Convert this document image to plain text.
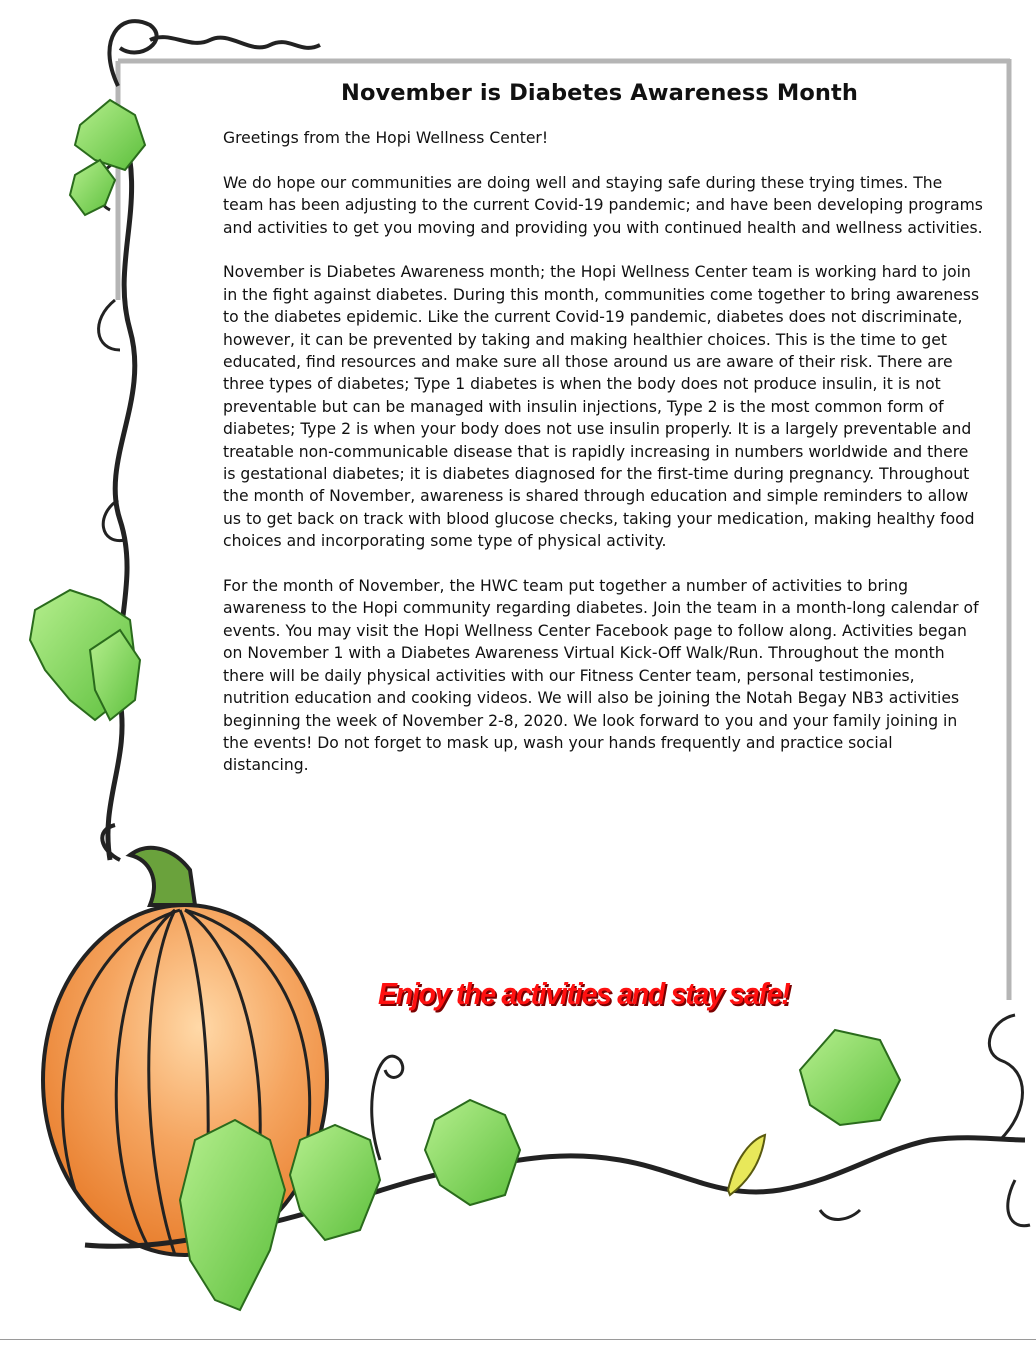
November is Diabetes Awareness Month

Greetings from the Hopi Wellness Center!

We do hope our communities are doing well and staying safe during these trying times. The team has been adjusting to the current Covid-19 pandemic; and have been developing programs and activities to get you moving and providing you with continued health and wellness activities.

November is Diabetes Awareness month; the Hopi Wellness Center team is working hard to join in the fight against diabetes. During this month, communities come together to bring awareness to the diabetes epidemic. Like the current Covid-19 pandemic, diabetes does not discriminate, however, it can be prevented by taking and making healthier choices. This is the time to get educated, find resources and make sure all those around us are aware of their risk. There are three types of diabetes; Type 1 diabetes is when the body does not produce insulin, it is not preventable but can be managed with insulin injections, Type 2 is the most common form of diabetes; Type 2 is when your body does not use insulin properly. It is a largely preventable and treatable non-communicable disease that is rapidly increasing in numbers worldwide and there is gestational diabetes; it is diabetes diagnosed for the first-time during pregnancy. Throughout the month of November, awareness is shared through education and simple reminders to allow us to get back on track with blood glucose checks, taking your medication, making healthy food choices and incorporating some type of physical activity.

For the month of November, the HWC team put together a number of activities to bring awareness to the Hopi community regarding diabetes. Join the team in a month-long calendar of events. You may visit the Hopi Wellness Center Facebook page to follow along. Activities began on November 1 with a Diabetes Awareness Virtual Kick-Off Walk/Run. Throughout the month there will be daily physical activities with our Fitness Center team, personal testimonies, nutrition education and cooking videos. We will also be joining the Notah Begay NB3 activities beginning the week of November 2-8, 2020. We look forward to you and your family joining in the events! Do not forget to mask up, wash your hands frequently and practice social distancing.

Enjoy the activities and stay safe!
